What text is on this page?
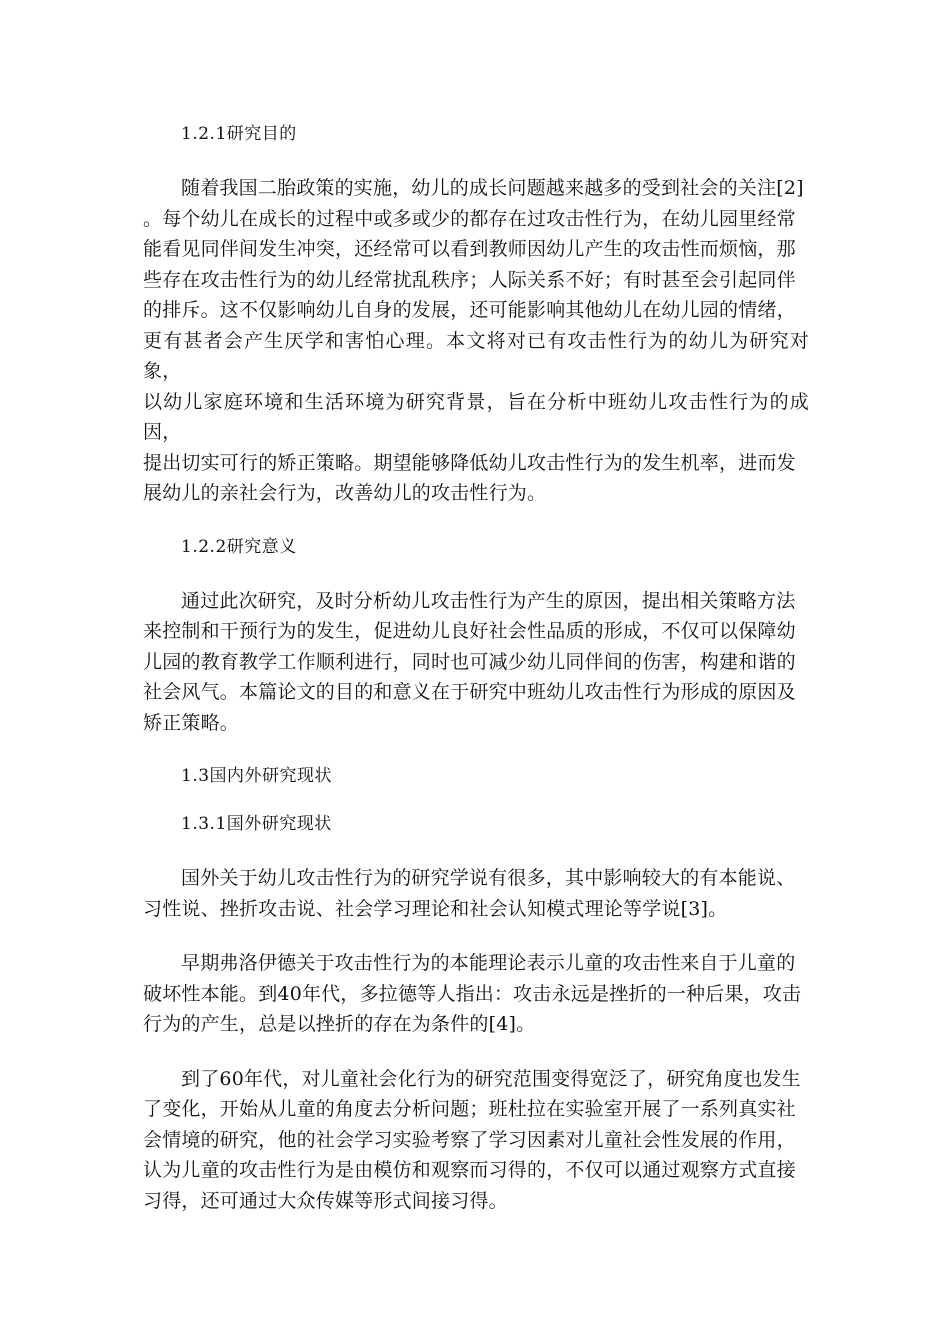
1.2.1研究目的
随着我国二胎政策的实施，幼儿的成长问题越来越多的受到社会的关注[2]
。每个幼儿在成长的过程中或多或少的都存在过攻击性行为，在幼儿园里经常
能看见同伴间发生冲突，还经常可以看到教师因幼儿产生的攻击性而烦恼，那
些存在攻击性行为的幼儿经常扰乱秩序；人际关系不好；有时甚至会引起同伴
的排斥。这不仅影响幼儿自身的发展，还可能影响其他幼儿在幼儿园的情绪，
更有甚者会产生厌学和害怕心理。本文将对已有攻击性行为的幼儿为研究对象，
以幼儿家庭环境和生活环境为研究背景，旨在分析中班幼儿攻击性行为的成因，
提出切实可行的矫正策略。期望能够降低幼儿攻击性行为的发生机率，进而发
展幼儿的亲社会行为，改善幼儿的攻击性行为。
1.2.2研究意义
通过此次研究，及时分析幼儿攻击性行为产生的原因，提出相关策略方法
来控制和干预行为的发生，促进幼儿良好社会性品质的形成，不仅可以保障幼
儿园的教育教学工作顺利进行，同时也可减少幼儿同伴间的伤害，构建和谐的
社会风气。本篇论文的目的和意义在于研究中班幼儿攻击性行为形成的原因及
矫正策略。
1.3国内外研究现状
1.3.1国外研究现状
国外关于幼儿攻击性行为的研究学说有很多，其中影响较大的有本能说、
习性说、挫折攻击说、社会学习理论和社会认知模式理论等学说[3]。
早期弗洛伊德关于攻击性行为的本能理论表示儿童的攻击性来自于儿童的
破坏性本能。到40年代，多拉德等人指出：攻击永远是挫折的一种后果，攻击
行为的产生，总是以挫折的存在为条件的[4]。
到了60年代，对儿童社会化行为的研究范围变得宽泛了，研究角度也发生
了变化，开始从儿童的角度去分析问题；班杜拉在实验室开展了一系列真实社
会情境的研究，他的社会学习实验考察了学习因素对儿童社会性发展的作用，
认为儿童的攻击性行为是由模仿和观察而习得的，不仅可以通过观察方式直接
习得，还可通过大众传媒等形式间接习得。
